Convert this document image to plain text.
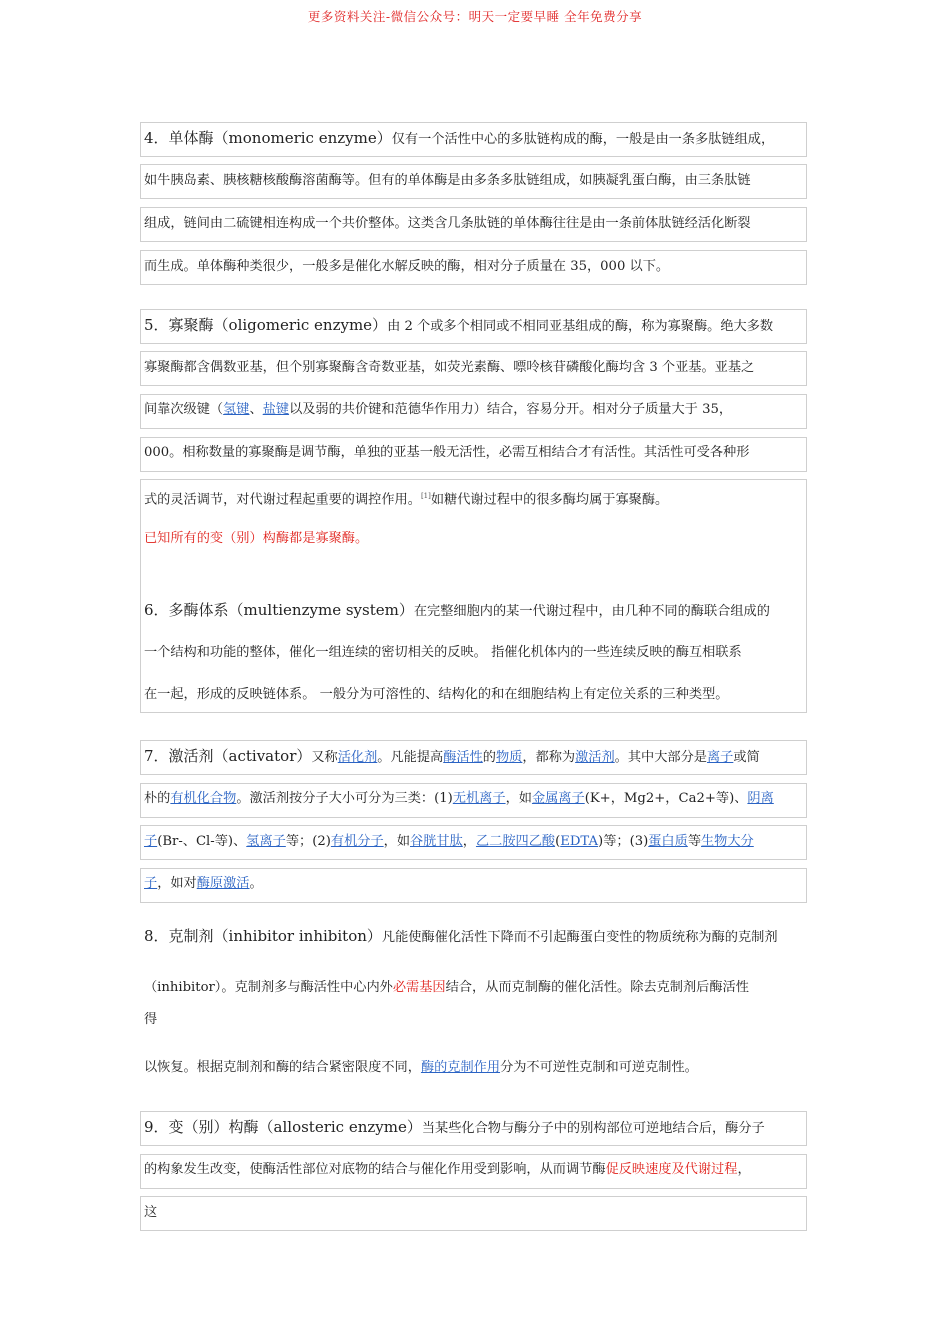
更多资料关注-微信公众号：明天一定要早睡 全年免费分享
4．单体酶（monomeric enzyme）仅有一个活性中心的多肽链构成的酶，一般是由一条多肽链组成，
如牛胰岛素、胰核糖核酸酶溶菌酶等。但有的单体酶是由多条多肽链组成，如胰凝乳蛋白酶，由三条肽链
组成，链间由二硫键相连构成一个共价整体。这类含几条肽链的单体酶往往是由一条前体肽链经活化断裂
而生成。单体酶种类很少，一般多是催化水解反映的酶，相对分子质量在 35，000 以下。
5．寡聚酶（oligomeric enzyme）由 2 个或多个相同或不相同亚基组成的酶，称为寡聚酶。绝大多数
寡聚酶都含偶数亚基，但个别寡聚酶含奇数亚基，如荧光素酶、嘌呤核苷磷酸化酶均含 3 个亚基。亚基之
间靠次级键（氢键、盐键以及弱的共价键和范德华作用力）结合，容易分开。相对分子质量大于 35，
000。相称数量的寡聚酶是调节酶，单独的亚基一般无活性，必需互相结合才有活性。其活性可受各种形
式的灵活调节，对代谢过程起重要的调控作用。[1]如糖代谢过程中的很多酶均属于寡聚酶。
已知所有的变（别）构酶都是寡聚酶。
6．多酶体系（multienzyme system）在完整细胞内的某一代谢过程中，由几种不同的酶联合组成的
一个结构和功能的整体，催化一组连续的密切相关的反映。 指催化机体内的一些连续反映的酶互相联系
在一起，形成的反映链体系。 一般分为可溶性的、结构化的和在细胞结构上有定位关系的三种类型。
7．激活剂（activator）又称活化剂。凡能提高酶活性的物质，都称为激活剂。其中大部分是离子或简
朴的有机化合物。激活剂按分子大小可分为三类：(1)无机离子，如金属离子(K+，Mg2+，Ca2+等)、阴离
子(Br-、Cl-等)、氢离子等；(2)有机分子，如谷胱甘肽，乙二胺四乙酸(EDTA)等；(3)蛋白质等生物大分
子，如对酶原激活。
8．克制剂（inhibitor inhibiton）凡能使酶催化活性下降而不引起酶蛋白变性的物质统称为酶的克制剂
（inhibitor）。克制剂多与酶活性中心内外必需基因结合，从而克制酶的催化活性。除去克制剂后酶活性
得
以恢复。根据克制剂和酶的结合紧密限度不同，酶的克制作用分为不可逆性克制和可逆克制性。
9．变（别）构酶（allosteric enzyme）当某些化合物与酶分子中的别构部位可逆地结合后，酶分子
的构象发生改变，使酶活性部位对底物的结合与催化作用受到影响，从而调节酶促反映速度及代谢过程，
这
